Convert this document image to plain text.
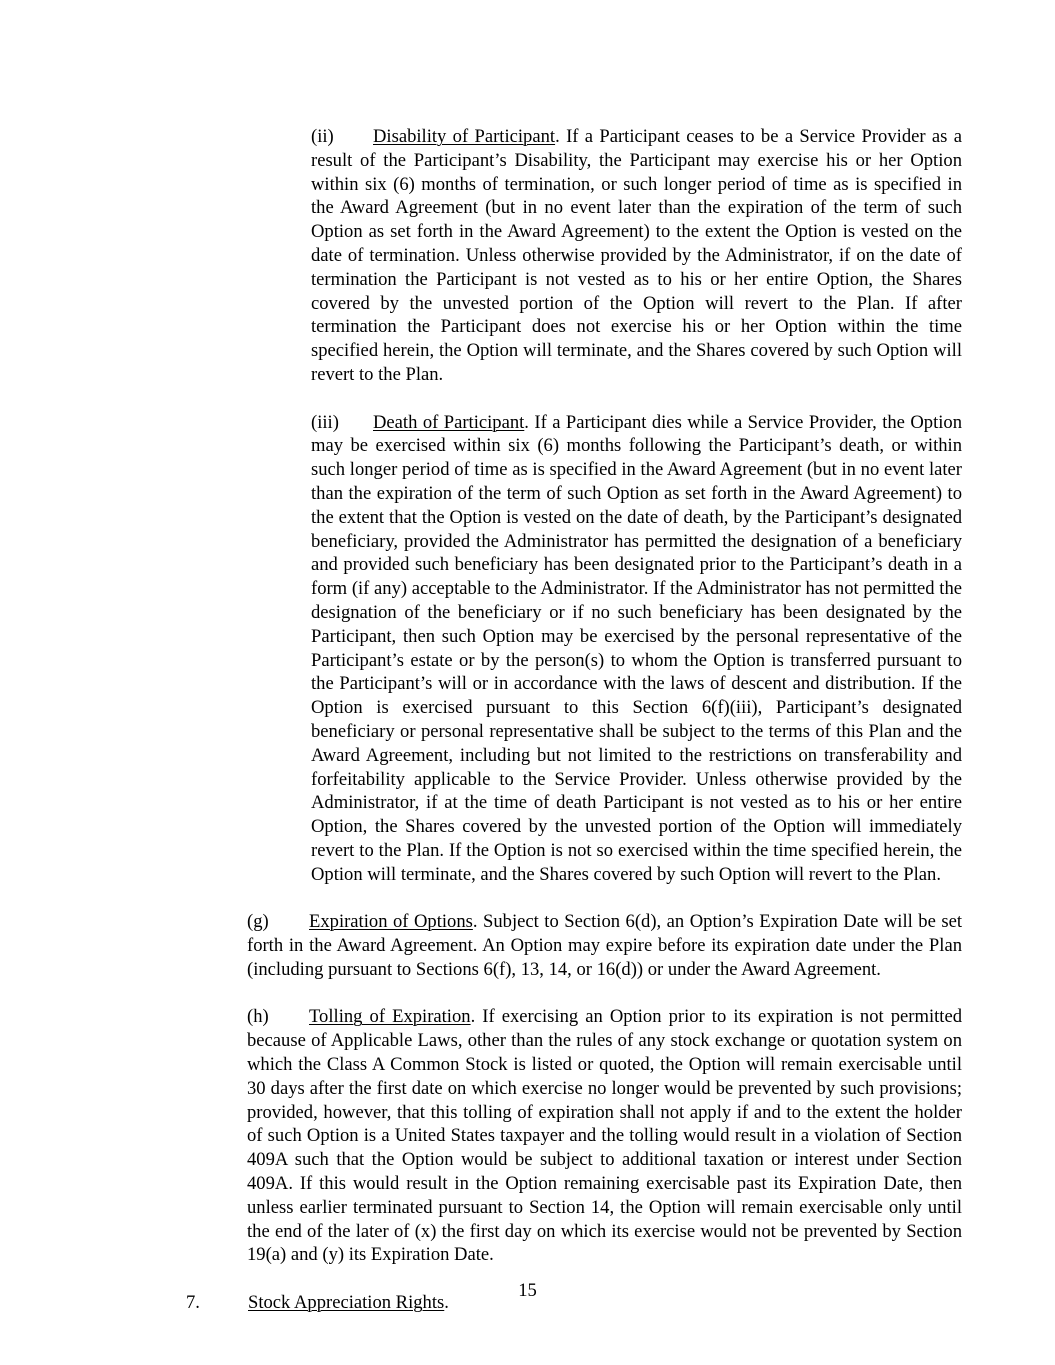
(ii) Disability of Participant. If a Participant ceases to be a Service Provider as a result of the Participant’s Disability, the Participant may exercise his or her Option within six (6) months of termination, or such longer period of time as is specified in the Award Agreement (but in no event later than the expiration of the term of such Option as set forth in the Award Agreement) to the extent the Option is vested on the date of termination. Unless otherwise provided by the Administrator, if on the date of termination the Participant is not vested as to his or her entire Option, the Shares covered by the unvested portion of the Option will revert to the Plan. If after termination the Participant does not exercise his or her Option within the time specified herein, the Option will terminate, and the Shares covered by such Option will revert to the Plan.

(iii) Death of Participant. If a Participant dies while a Service Provider, the Option may be exercised within six (6) months following the Participant’s death, or within such longer period of time as is specified in the Award Agreement (but in no event later than the expiration of the term of such Option as set forth in the Award Agreement) to the extent that the Option is vested on the date of death, by the Participant’s designated beneficiary, provided the Administrator has permitted the designation of a beneficiary and provided such beneficiary has been designated prior to the Participant’s death in a form (if any) acceptable to the Administrator. If the Administrator has not permitted the designation of the beneficiary or if no such beneficiary has been designated by the Participant, then such Option may be exercised by the personal representative of the Participant’s estate or by the person(s) to whom the Option is transferred pursuant to the Participant’s will or in accordance with the laws of descent and distribution. If the Option is exercised pursuant to this Section 6(f)(iii), Participant’s designated beneficiary or personal representative shall be subject to the terms of this Plan and the Award Agreement, including but not limited to the restrictions on transferability and forfeitability applicable to the Service Provider. Unless otherwise provided by the Administrator, if at the time of death Participant is not vested as to his or her entire Option, the Shares covered by the unvested portion of the Option will immediately revert to the Plan. If the Option is not so exercised within the time specified herein, the Option will terminate, and the Shares covered by such Option will revert to the Plan.

(g) Expiration of Options. Subject to Section 6(d), an Option’s Expiration Date will be set forth in the Award Agreement. An Option may expire before its expiration date under the Plan (including pursuant to Sections 6(f), 13, 14, or 16(d)) or under the Award Agreement.

(h) Tolling of Expiration. If exercising an Option prior to its expiration is not permitted because of Applicable Laws, other than the rules of any stock exchange or quotation system on which the Class A Common Stock is listed or quoted, the Option will remain exercisable until 30 days after the first date on which exercise no longer would be prevented by such provisions; provided, however, that this tolling of expiration shall not apply if and to the extent the holder of such Option is a United States taxpayer and the tolling would result in a violation of Section 409A such that the Option would be subject to additional taxation or interest under Section 409A. If this would result in the Option remaining exercisable past its Expiration Date, then unless earlier terminated pursuant to Section 14, the Option will remain exercisable only until the end of the later of (x) the first day on which its exercise would not be prevented by Section 19(a) and (y) its Expiration Date.

7.	Stock Appreciation Rights.

15
